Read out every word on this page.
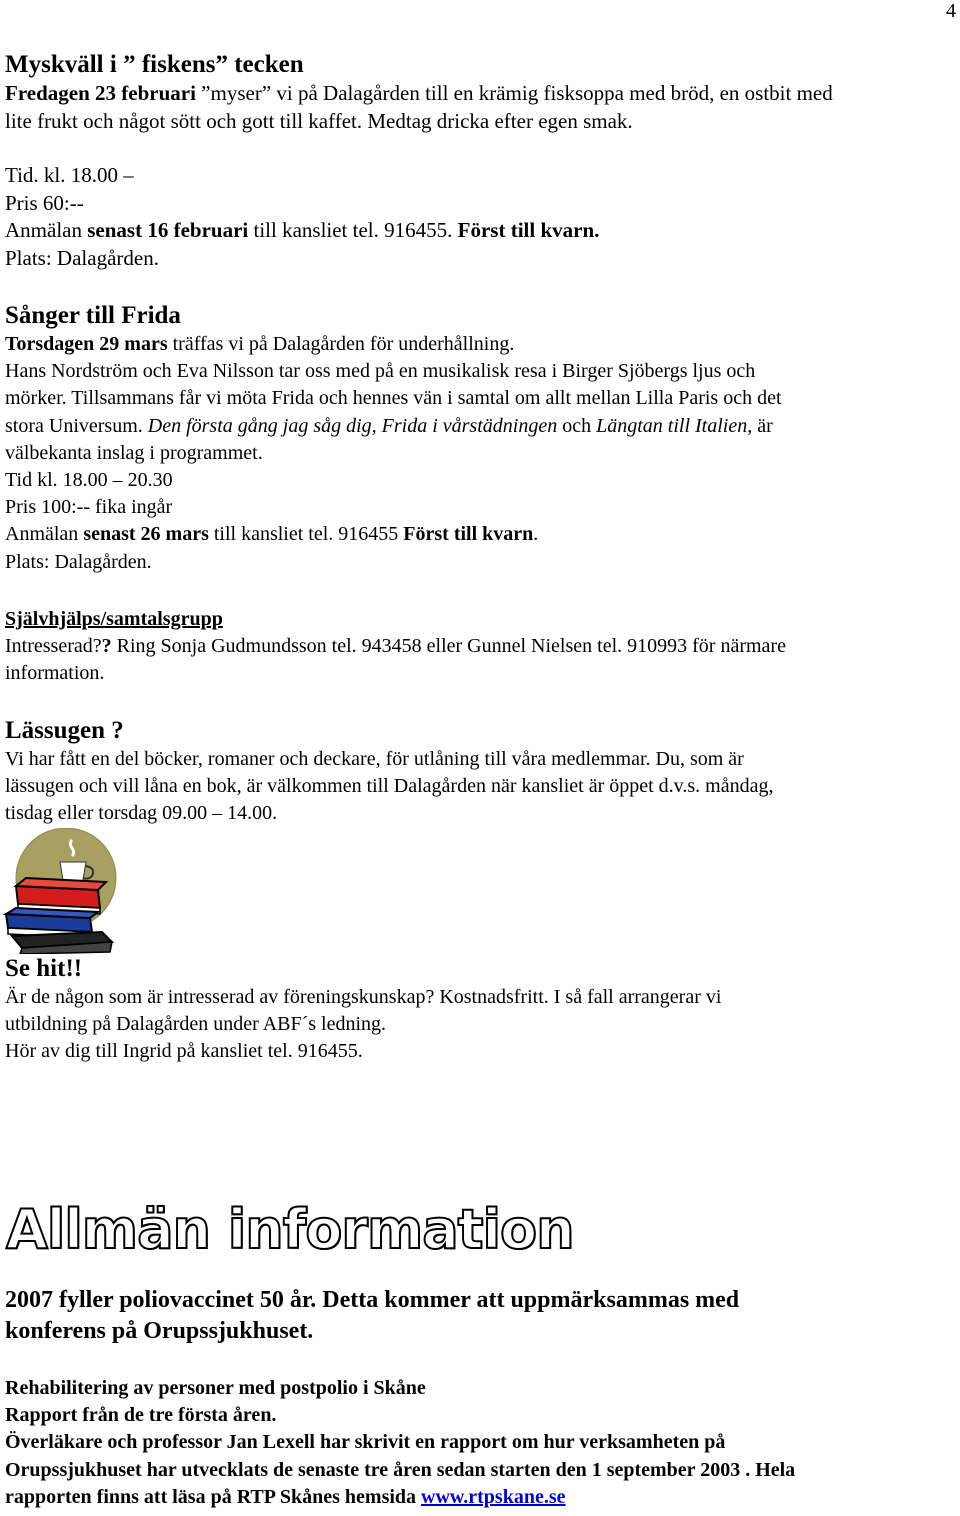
4

Myskväll i ” fiskens” tecken

Fredagen 23 februari ”myser” vi på Dalagården till en krämig fisksoppa med bröd, en ostbit med

lite frukt och något sött och gott till kaffet. Medtag dricka efter egen smak.

Tid. kl. 18.00 –

Pris 60:--

Anmälan senast 16 februari till kansliet tel. 916455. Först till kvarn.

Plats: Dalagården.

Sånger till Frida

Torsdagen 29 mars träffas vi på Dalagården för underhållning.

Hans Nordström och Eva Nilsson tar oss med på en musikalisk resa i Birger Sjöbergs ljus och

mörker. Tillsammans får vi möta Frida och hennes vän i samtal om allt mellan Lilla Paris och det

stora Universum. Den första gång jag såg dig, Frida i vårstädningen och Längtan till Italien, är

välbekanta inslag i programmet.

Tid kl. 18.00 – 20.30

Pris 100:-- fika ingår

Anmälan senast 26 mars till kansliet tel. 916455 Först till kvarn.

Plats: Dalagården.

Självhjälps/samtalsgrupp

Intresserad?? Ring Sonja Gudmundsson tel. 943458 eller Gunnel Nielsen tel. 910993 för närmare

information.

Lässugen ?

Vi har fått en del böcker, romaner och deckare, för utlåning till våra medlemmar. Du, som är

lässugen och vill låna en bok, är välkommen till Dalagården när kansliet är öppet d.v.s. måndag,

tisdag eller torsdag 09.00 – 14.00.

Se hit!!

Är de någon som är intresserad av föreningskunskap? Kostnadsfritt. I så fall arrangerar vi

utbildning på Dalagården under ABF´s ledning.

Hör av dig till Ingrid på kansliet tel. 916455.

Allmän information

2007 fyller poliovaccinet 50 år. Detta kommer att uppmärksammas med

konferens på Orupssjukhuset.

Rehabilitering av personer med postpolio i Skåne

Rapport från de tre första åren.

Överläkare och professor Jan Lexell har skrivit en rapport om hur verksamheten på

Orupssjukhuset har utvecklats de senaste tre åren sedan starten den 1 september 2003 . Hela

rapporten finns att läsa på RTP Skånes hemsida www.rtpskane.se
